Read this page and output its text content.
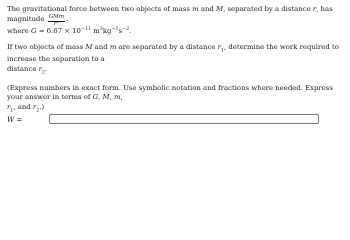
The gravitational force between two objects of mass m and M, separated by a distance r, has magnitude $\frac{\text{GMm}}{\text{r²}}$ .
where $G = 6.67 \times 10^{-11}$ $m^3kg^{-1}s^{-2}$.

If two objects of mass M and m are separated by a distance $r_1$, determine the work required to increase the separation to a
distance $r_2$.

(Express numbers in exact form. Use symbolic notation and fractions where needed. Express your answer in terms of G, M, m,
$r_1$, and $r_2$.)

W =
